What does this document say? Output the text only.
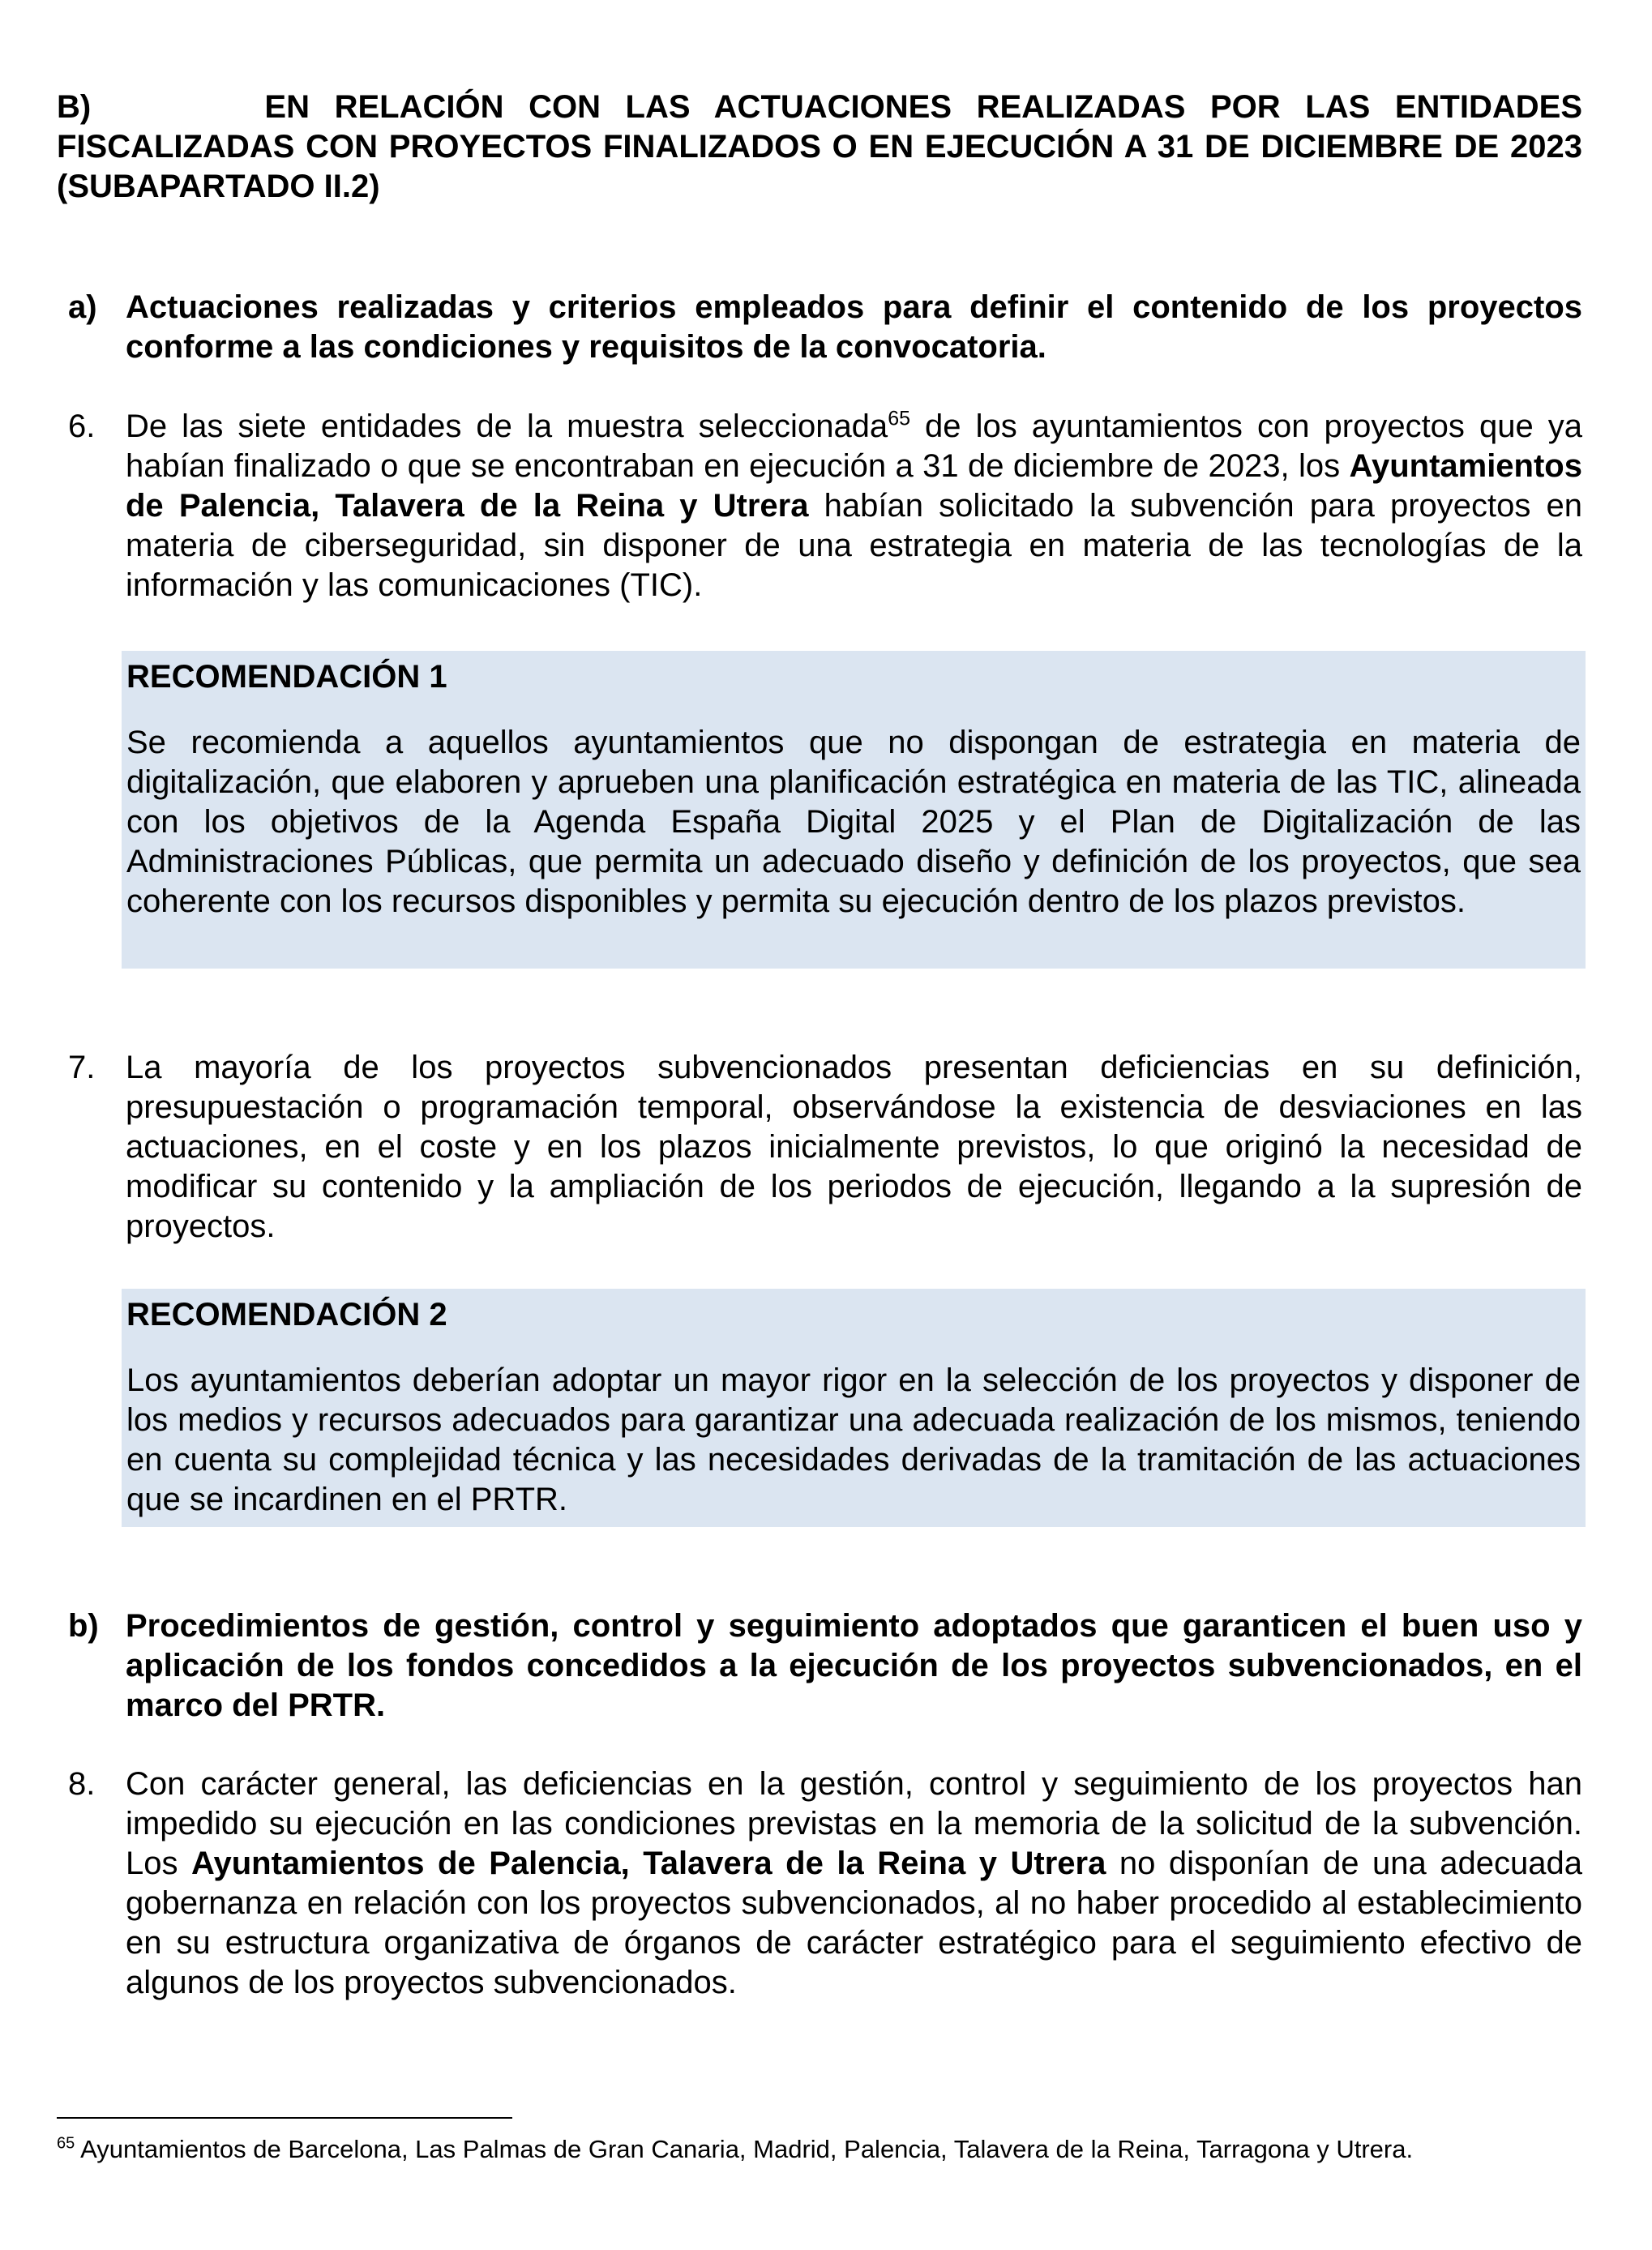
B)       EN RELACIÓN CON LAS ACTUACIONES REALIZADAS POR LAS ENTIDADES FISCALIZADAS CON PROYECTOS FINALIZADOS O EN EJECUCIÓN A 31 DE DICIEMBRE DE 2023 (SUBAPARTADO II.2)
a) Actuaciones realizadas y criterios empleados para definir el contenido de los proyectos conforme a las condiciones y requisitos de la convocatoria.
6. De las siete entidades de la muestra seleccionada$^{65}$ de los ayuntamientos con proyectos que ya habían finalizado o que se encontraban en ejecución a 31 de diciembre de 2023, los Ayuntamientos de Palencia, Talavera de la Reina y Utrera habían solicitado la subvención para proyectos en materia de ciberseguridad, sin disponer de una estrategia en materia de las tecnologías de la información y las comunicaciones (TIC).
RECOMENDACIÓN 1
Se recomienda a aquellos ayuntamientos que no dispongan de estrategia en materia de digitalización, que elaboren y aprueben una planificación estratégica en materia de las TIC, alineada con los objetivos de la Agenda España Digital 2025 y el Plan de Digitalización de las Administraciones Públicas, que permita un adecuado diseño y definición de los proyectos, que sea coherente con los recursos disponibles y permita su ejecución dentro de los plazos previstos.
7. La mayoría de los proyectos subvencionados presentan deficiencias en su definición, presupuestación o programación temporal, observándose la existencia de desviaciones en las actuaciones, en el coste y en los plazos inicialmente previstos, lo que originó la necesidad de modificar su contenido y la ampliación de los periodos de ejecución, llegando a la supresión de proyectos.
RECOMENDACIÓN 2
Los ayuntamientos deberían adoptar un mayor rigor en la selección de los proyectos y disponer de los medios y recursos adecuados para garantizar una adecuada realización de los mismos, teniendo en cuenta su complejidad técnica y las necesidades derivadas de la tramitación de las actuaciones que se incardinen en el PRTR.
b) Procedimientos de gestión, control y seguimiento adoptados que garanticen el buen uso y aplicación de los fondos concedidos a la ejecución de los proyectos subvencionados, en el marco del PRTR.
8. Con carácter general, las deficiencias en la gestión, control y seguimiento de los proyectos han impedido su ejecución en las condiciones previstas en la memoria de la solicitud de la subvención. Los Ayuntamientos de Palencia, Talavera de la Reina y Utrera no disponían de una adecuada gobernanza en relación con los proyectos subvencionados, al no haber procedido al establecimiento en su estructura organizativa de órganos de carácter estratégico para el seguimiento efectivo de algunos de los proyectos subvencionados.
$^{65}$ Ayuntamientos de Barcelona, Las Palmas de Gran Canaria, Madrid, Palencia, Talavera de la Reina, Tarragona y Utrera.
